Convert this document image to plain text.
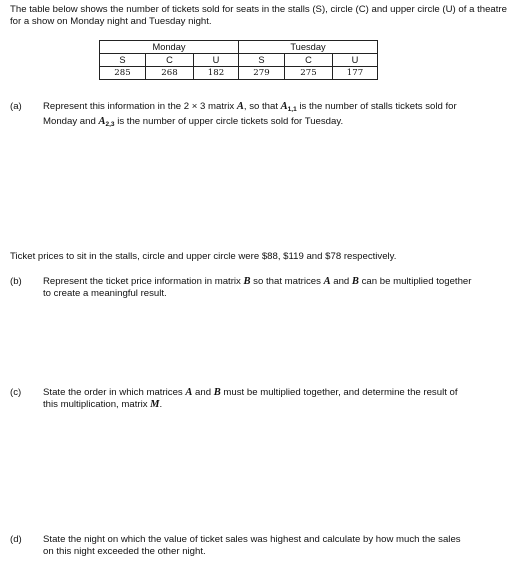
The table below shows the number of tickets sold for seats in the stalls (S), circle (C) and upper circle (U) of a theatre for a show on Monday night and Tuesday night.
Monday			Tuesday		
S	C	U	S	C	U
285	268	182	279	275	177
(a) Represent this information in the 2 × 3 matrix A, so that $A_{1,1}$ is the number of stalls tickets sold for Monday and $A_{2,3}$ is the number of upper circle tickets sold for Tuesday.
Ticket prices to sit in the stalls, circle and upper circle were $88, $119 and $78 respectively.
(b) Represent the ticket price information in matrix B so that matrices A and B can be multiplied together to create a meaningful result.
(c) State the order in which matrices A and B must be multiplied together, and determine the result of this multiplication, matrix M.
(d) State the night on which the value of ticket sales was highest and calculate by how much the sales on this night exceeded the other night.
